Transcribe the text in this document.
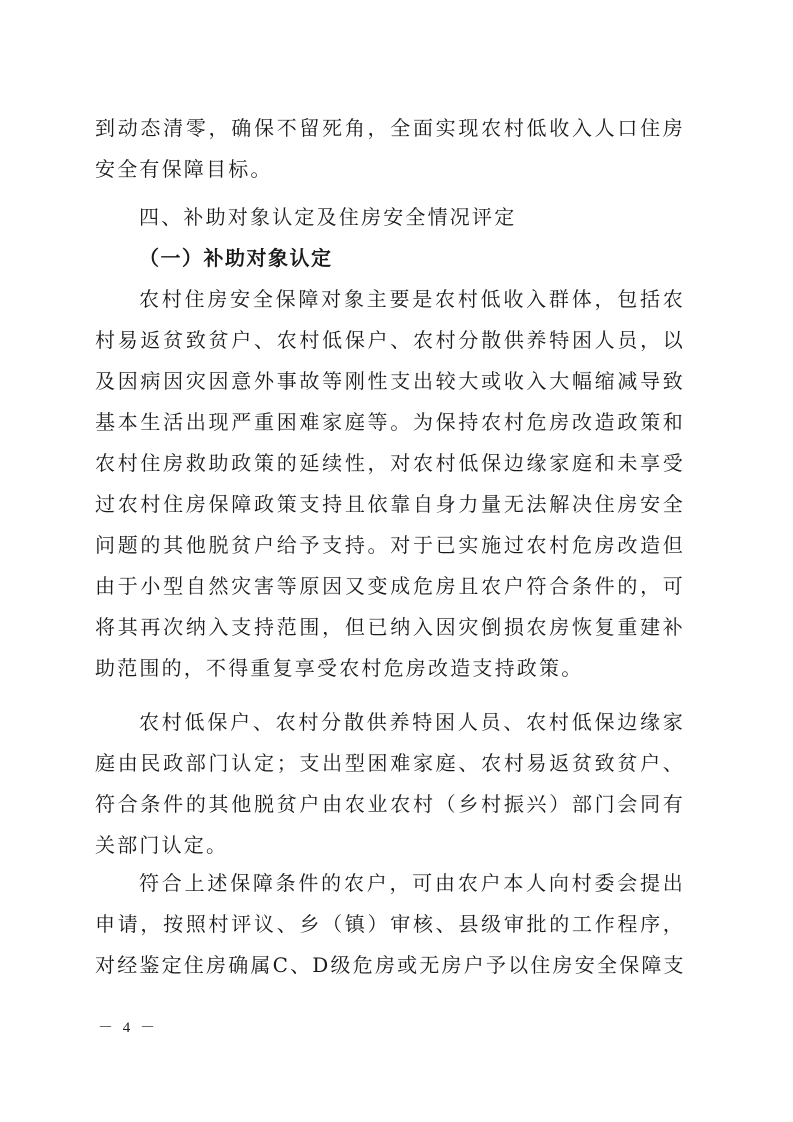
到动态清零，确保不留死角，全面实现农村低收入人口住房
安全有保障目标。
四、补助对象认定及住房安全情况评定
（一）补助对象认定
农村住房安全保障对象主要是农村低收入群体，包括农
村易返贫致贫户、农村低保户、农村分散供养特困人员，以
及因病因灾因意外事故等刚性支出较大或收入大幅缩减导致
基本生活出现严重困难家庭等。为保持农村危房改造政策和
农村住房救助政策的延续性，对农村低保边缘家庭和未享受
过农村住房保障政策支持且依靠自身力量无法解决住房安全
问题的其他脱贫户给予支持。对于已实施过农村危房改造但
由于小型自然灾害等原因又变成危房且农户符合条件的，可
将其再次纳入支持范围，但已纳入因灾倒损农房恢复重建补
助范围的，不得重复享受农村危房改造支持政策。
农村低保户、农村分散供养特困人员、农村低保边缘家
庭由民政部门认定；支出型困难家庭、农村易返贫致贫户、
符合条件的其他脱贫户由农业农村（乡村振兴）部门会同有
关部门认定。
符合上述保障条件的农户，可由农户本人向村委会提出
申请，按照村评议、乡（镇）审核、县级审批的工作程序，
对经鉴定住房确属C、D级危房或无房户予以住房安全保障支
－ 4 －
